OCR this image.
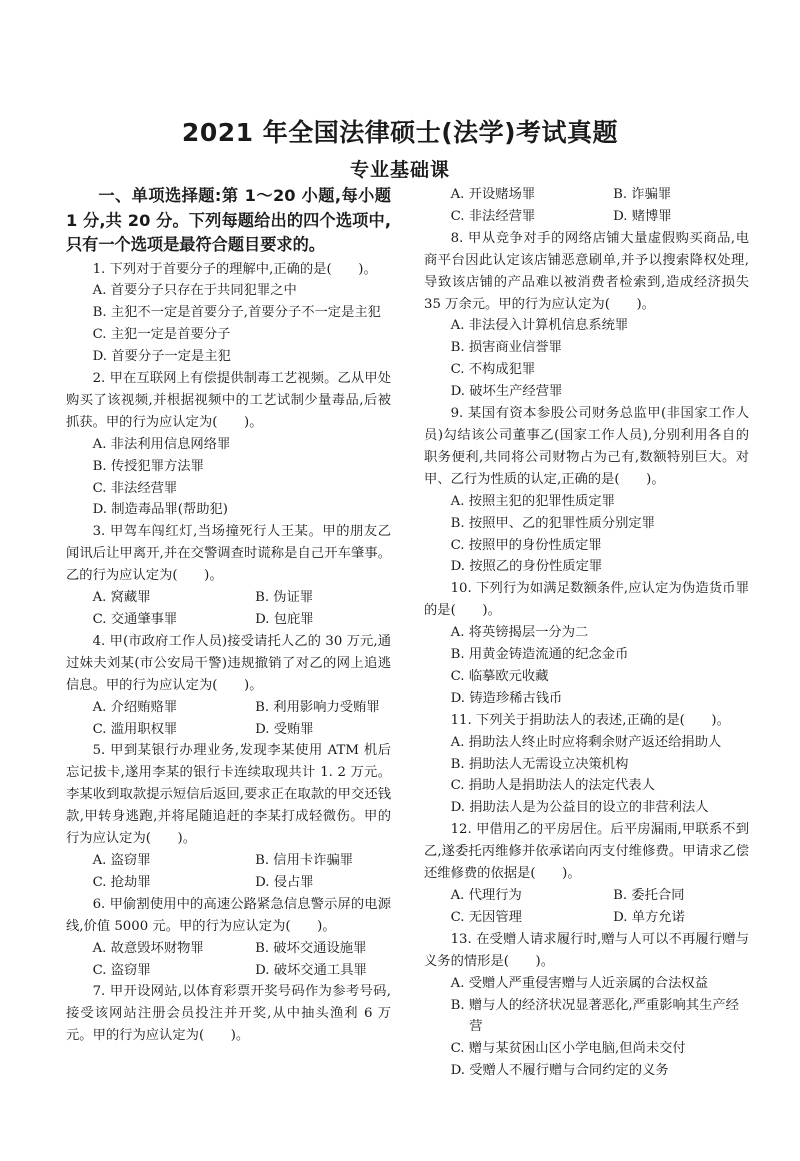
2021 年全国法律硕士(法学)考试真题
专业基础课
一、单项选择题:第 1～20 小题,每小题 1 分,共 20 分。下列每题给出的四个选项中,只有一个选项是最符合题目要求的。
1. 下列对于首要分子的理解中,正确的是(　　)。
A. 首要分子只存在于共同犯罪之中
B. 主犯不一定是首要分子,首要分子不一定是主犯
C. 主犯一定是首要分子
D. 首要分子一定是主犯
2. 甲在互联网上有偿提供制毒工艺视频。乙从甲处购买了该视频,并根据视频中的工艺试制少量毒品,后被抓获。甲的行为应认定为(　　)。
A. 非法利用信息网络罪
B. 传授犯罪方法罪
C. 非法经营罪
D. 制造毒品罪(帮助犯)
3. 甲驾车闯红灯,当场撞死行人王某。甲的朋友乙闻讯后让甲离开,并在交警调查时谎称是自己开车肇事。乙的行为应认定为(　　)。
A. 窝藏罪	B. 伪证罪
C. 交通肇事罪	D. 包庇罪
4. 甲(市政府工作人员)接受请托人乙的 30 万元,通过妹夫刘某(市公安局干警)违规撤销了对乙的网上追逃信息。甲的行为应认定为(　　)。
A. 介绍贿赂罪	B. 利用影响力受贿罪
C. 滥用职权罪	D. 受贿罪
5. 甲到某银行办理业务,发现李某使用 ATM 机后忘记拔卡,遂用李某的银行卡连续取现共计 1. 2 万元。李某收到取款提示短信后返回,要求正在取款的甲交还钱款,甲转身逃跑,并将尾随追赶的李某打成轻微伤。甲的行为应认定为(　　)。
A. 盗窃罪	B. 信用卡诈骗罪
C. 抢劫罪	D. 侵占罪
6. 甲偷割使用中的高速公路紧急信息警示屏的电源线,价值 5000 元。甲的行为应认定为(　　)。
A. 故意毁坏财物罪	B. 破坏交通设施罪
C. 盗窃罪	D. 破坏交通工具罪
7. 甲开设网站,以体育彩票开奖号码作为参考号码,接受该网站注册会员投注并开奖,从中抽头渔利 6 万元。甲的行为应认定为(　　)。
A. 开设赌场罪	B. 诈骗罪
C. 非法经营罪	D. 赌博罪
8. 甲从竞争对手的网络店铺大量虚假购买商品,电商平台因此认定该店铺恶意刷单,并予以搜索降权处理,导致该店铺的产品难以被消费者检索到,造成经济损失 35 万余元。甲的行为应认定为(　　)。
A. 非法侵入计算机信息系统罪
B. 损害商业信誉罪
C. 不构成犯罪
D. 破坏生产经营罪
9. 某国有资本参股公司财务总监甲(非国家工作人员)勾结该公司董事乙(国家工作人员),分别利用各自的职务便利,共同将公司财物占为己有,数额特别巨大。对甲、乙行为性质的认定,正确的是(　　)。
A. 按照主犯的犯罪性质定罪
B. 按照甲、乙的犯罪性质分别定罪
C. 按照甲的身份性质定罪
D. 按照乙的身份性质定罪
10. 下列行为如满足数额条件,应认定为伪造货币罪的是(　　)。
A. 将英镑揭层一分为二
B. 用黄金铸造流通的纪念金币
C. 临摹欧元收藏
D. 铸造珍稀古钱币
11. 下列关于捐助法人的表述,正确的是(　　)。
A. 捐助法人终止时应将剩余财产返还给捐助人
B. 捐助法人无需设立决策机构
C. 捐助人是捐助法人的法定代表人
D. 捐助法人是为公益目的设立的非营利法人
12. 甲借用乙的平房居住。后平房漏雨,甲联系不到乙,遂委托丙维修并依承诺向丙支付维修费。甲请求乙偿还维修费的依据是(　　)。
A. 代理行为	B. 委托合同
C. 无因管理	D. 单方允诺
13. 在受赠人请求履行时,赠与人可以不再履行赠与义务的情形是(　　)。
A. 受赠人严重侵害赠与人近亲属的合法权益
B. 赠与人的经济状况显著恶化,严重影响其生产经营
C. 赠与某贫困山区小学电脑,但尚未交付
D. 受赠人不履行赠与合同约定的义务
